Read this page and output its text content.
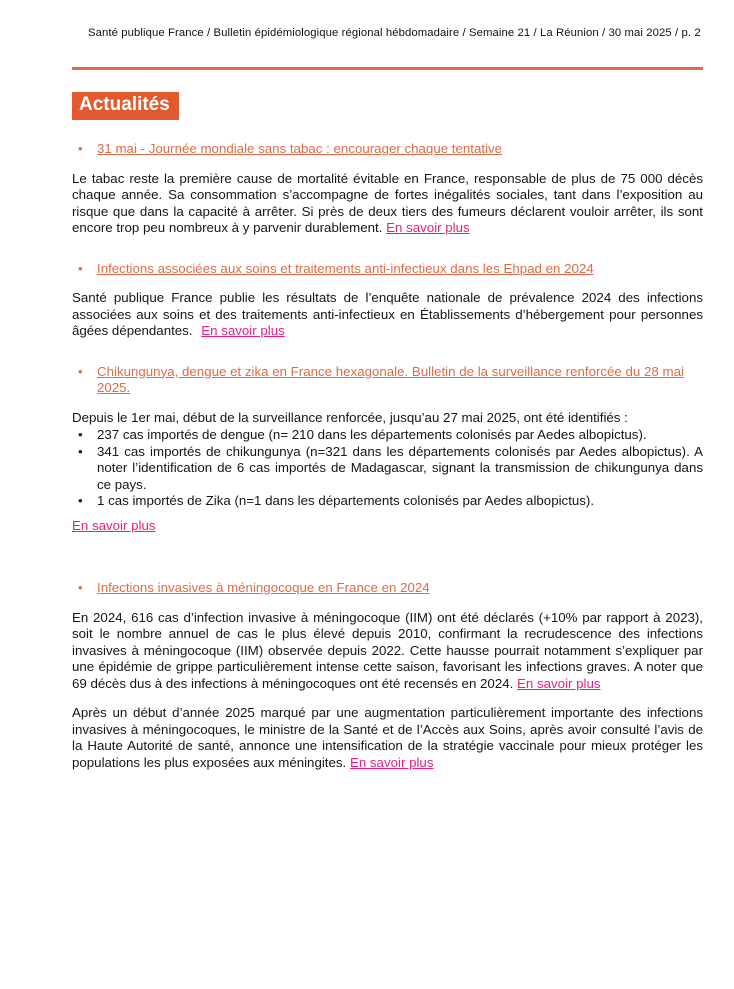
Santé publique France / Bulletin épidémiologique régional hébdomadaire / Semaine 21 / La Réunion / 30 mai 2025 / p. 2
Actualités
• 31 mai - Journée mondiale sans tabac : encourager chaque tentative

Le tabac reste la première cause de mortalité évitable en France, responsable de plus de 75 000 décès chaque année. Sa consommation s’accompagne de fortes inégalités sociales, tant dans l’exposition au risque que dans la capacité à arrêter. Si près de deux tiers des fumeurs déclarent vouloir arrêter, ils sont encore trop peu nombreux à y parvenir durablement. En savoir plus

• Infections associées aux soins et traitements anti-infectieux dans les Ehpad en 2024

Santé publique France publie les résultats de l’enquête nationale de prévalence 2024 des infections associées aux soins et des traitements anti-infectieux en Établissements d’hébergement pour personnes âgées dépendantes. En savoir plus

• Chikungunya, dengue et zika en France hexagonale. Bulletin de la surveillance renforcée du 28 mai 2025.
Depuis le 1er mai, début de la surveillance renforcée, jusqu’au 27 mai 2025, ont été identifiés :
• 237 cas importés de dengue (n= 210 dans les départements colonisés par Aedes albopictus).
• 341 cas importés de chikungunya (n=321 dans les départements colonisés par Aedes albopictus). A noter l’identification de 6 cas importés de Madagascar, signant la transmission de chikungunya dans ce pays.
• 1 cas importés de Zika (n=1 dans les départements colonisés par Aedes albopictus).
En savoir plus
• Infections invasives à méningocoque en France en 2024

En 2024, 616 cas d’infection invasive à méningocoque (IIM) ont été déclarés (+10% par rapport à 2023), soit le nombre annuel de cas le plus élevé depuis 2010, confirmant la recrudescence des infections invasives à méningocoque (IIM) observée depuis 2022. Cette hausse pourrait notamment s’expliquer par une épidémie de grippe particulièrement intense cette saison, favorisant les infections graves. A noter que 69 décès dus à des infections à méningocoques ont été recensés en 2024. En savoir plus

Après un début d’année 2025 marqué par une augmentation particulièrement importante des infections invasives à méningocoques, le ministre de la Santé et de l’Accès aux Soins, après avoir consulté l’avis de la Haute Autorité de santé, annonce une intensification de la stratégie vaccinale pour mieux protéger les populations les plus exposées aux méningites. En savoir plus
